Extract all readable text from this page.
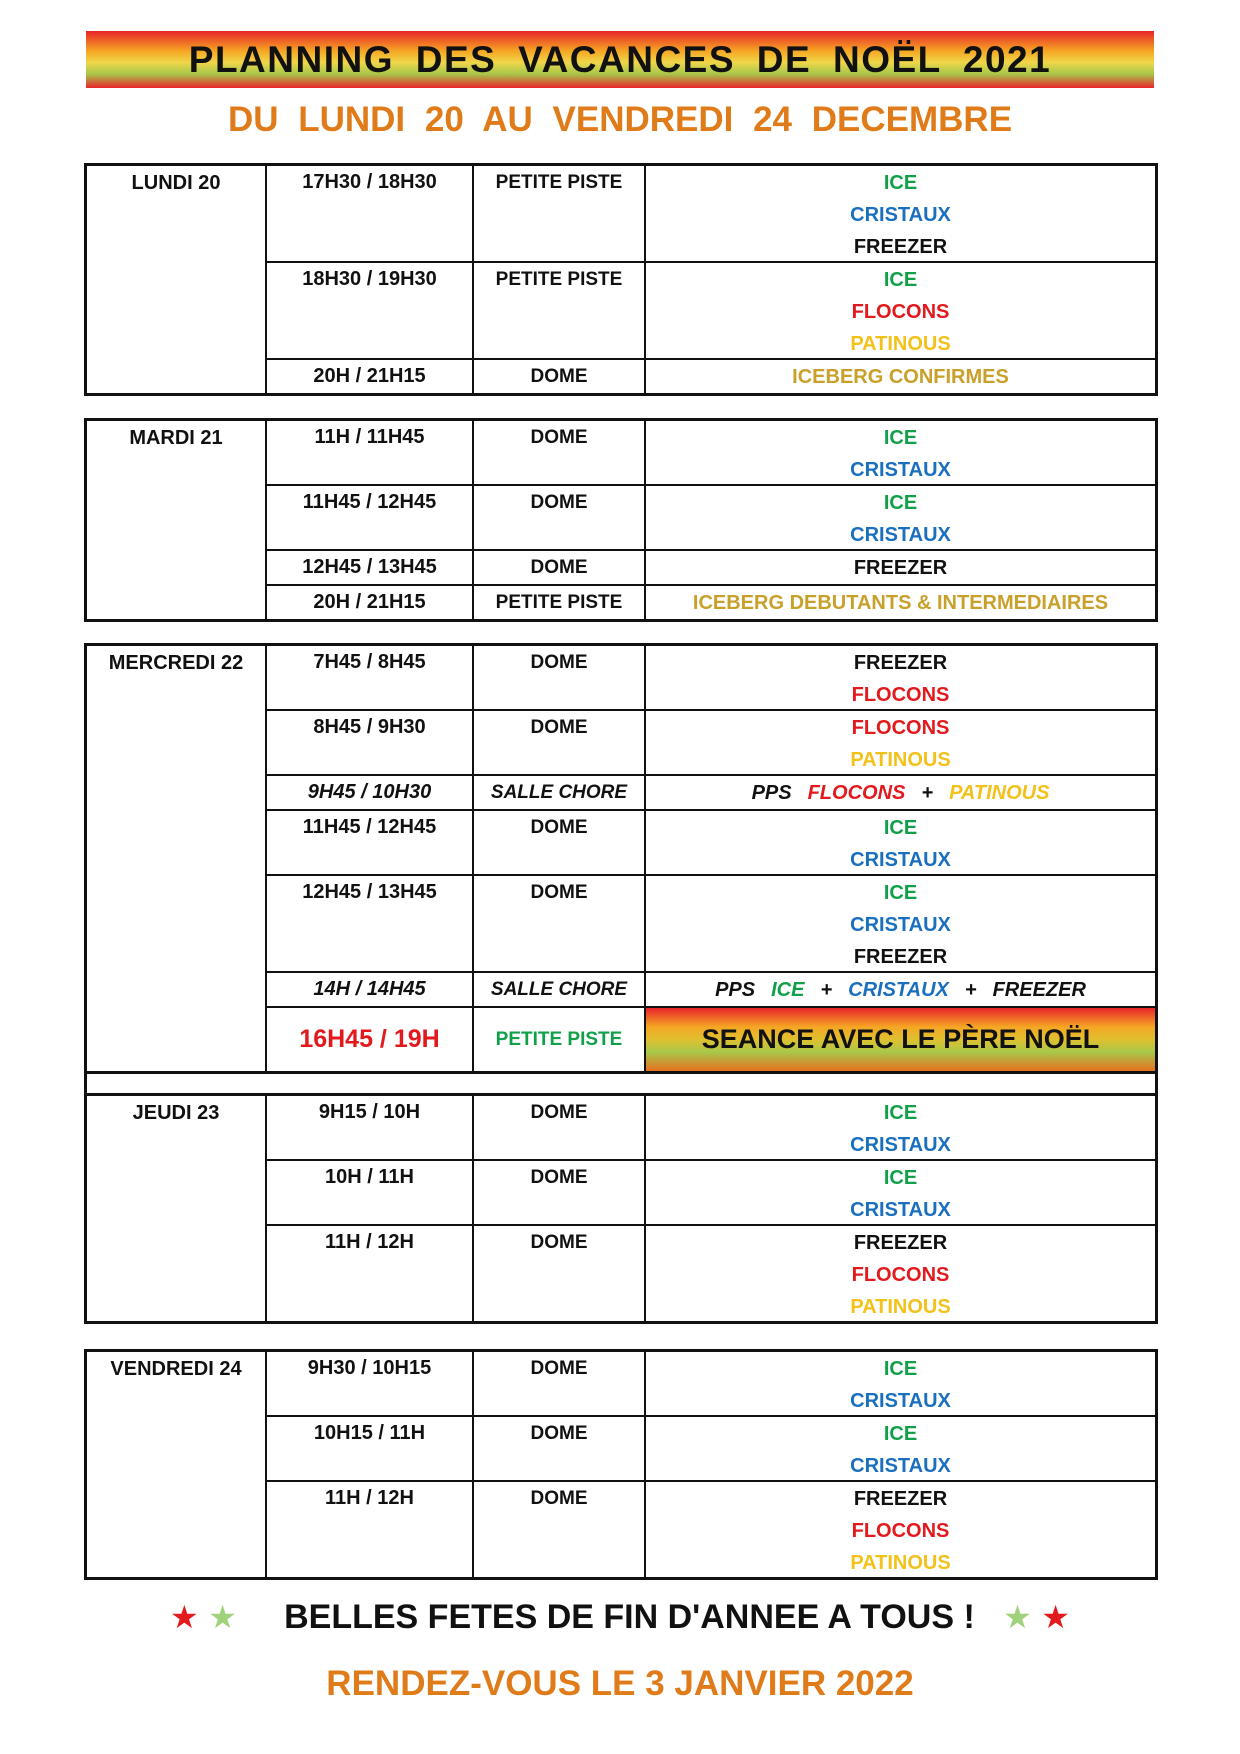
PLANNING DES VACANCES DE NOËL 2021
DU LUNDI 20 AU VENDREDI 24 DECEMBRE
LUNDI 20	17H30 / 18H30	PETITE PISTE	ICE
CRISTAUX
FREEZER
18H30 / 19H30	PETITE PISTE	ICE
FLOCONS
PATINOUS
20H / 21H15	DOME	ICEBERG CONFIRMES
MARDI 21	11H / 11H45	DOME	ICE
CRISTAUX
11H45 / 12H45	DOME	ICE
CRISTAUX
12H45 / 13H45	DOME	FREEZER
20H / 21H15	PETITE PISTE	ICEBERG DEBUTANTS & INTERMEDIAIRES
MERCREDI 22	7H45 / 8H45	DOME	FREEZER
FLOCONS
8H45 / 9H30	DOME	FLOCONS
PATINOUS
9H45 / 10H30	SALLE CHORE	PPS FLOCONS + PATINOUS
11H45 / 12H45	DOME	ICE
CRISTAUX
12H45 / 13H45	DOME	ICE
CRISTAUX
FREEZER
14H / 14H45	SALLE CHORE	PPS ICE + CRISTAUX + FREEZER
16H45 / 19H	PETITE PISTE	SEANCE AVEC LE PÈRE NOËL
JEUDI 23	9H15 / 10H	DOME	ICE
CRISTAUX
10H / 11H	DOME	ICE
CRISTAUX
11H / 12H	DOME	FREEZER
FLOCONS
PATINOUS
VENDREDI 24	9H30 / 10H15	DOME	ICE
CRISTAUX
10H15 / 11H	DOME	ICE
CRISTAUX
11H / 12H	DOME	FREEZER
FLOCONS
PATINOUS
★ ★ BELLES FETES DE FIN D'ANNEE A TOUS ! ★ ★
RENDEZ-VOUS LE 3 JANVIER 2022
